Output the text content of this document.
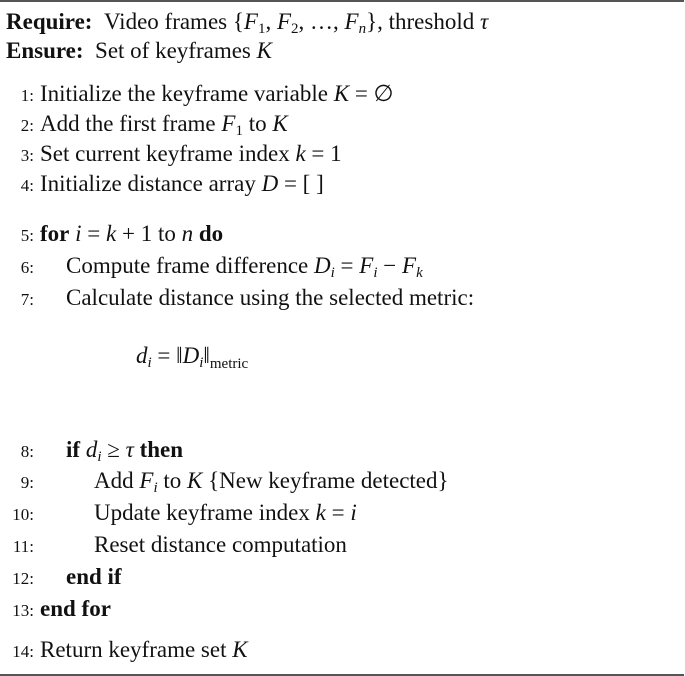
Require:  Video frames {$F_1$, $F_2$, …, $F_n$}, threshold τ
Ensure:  Set of keyframes K
1: Initialize the keyframe variable K = ∅
2: Add the first frame $F_1$ to K
3: Set current keyframe index k = 1
4: Initialize distance array D = [ ]
5: for i = k + 1 to n do
6: Compute frame difference $D_i = F_i - F_k$
7: Calculate distance using the selected metric:
$d_i$ = $‖D_i‖_{metric}$
8: if $d_i \ge \tau$ then
9:	Add $F_i$ to K {New keyframe detected}
10:	Update keyframe index k = i
11:	Reset distance computation
12: end if
13: end for
14: Return keyframe set K
